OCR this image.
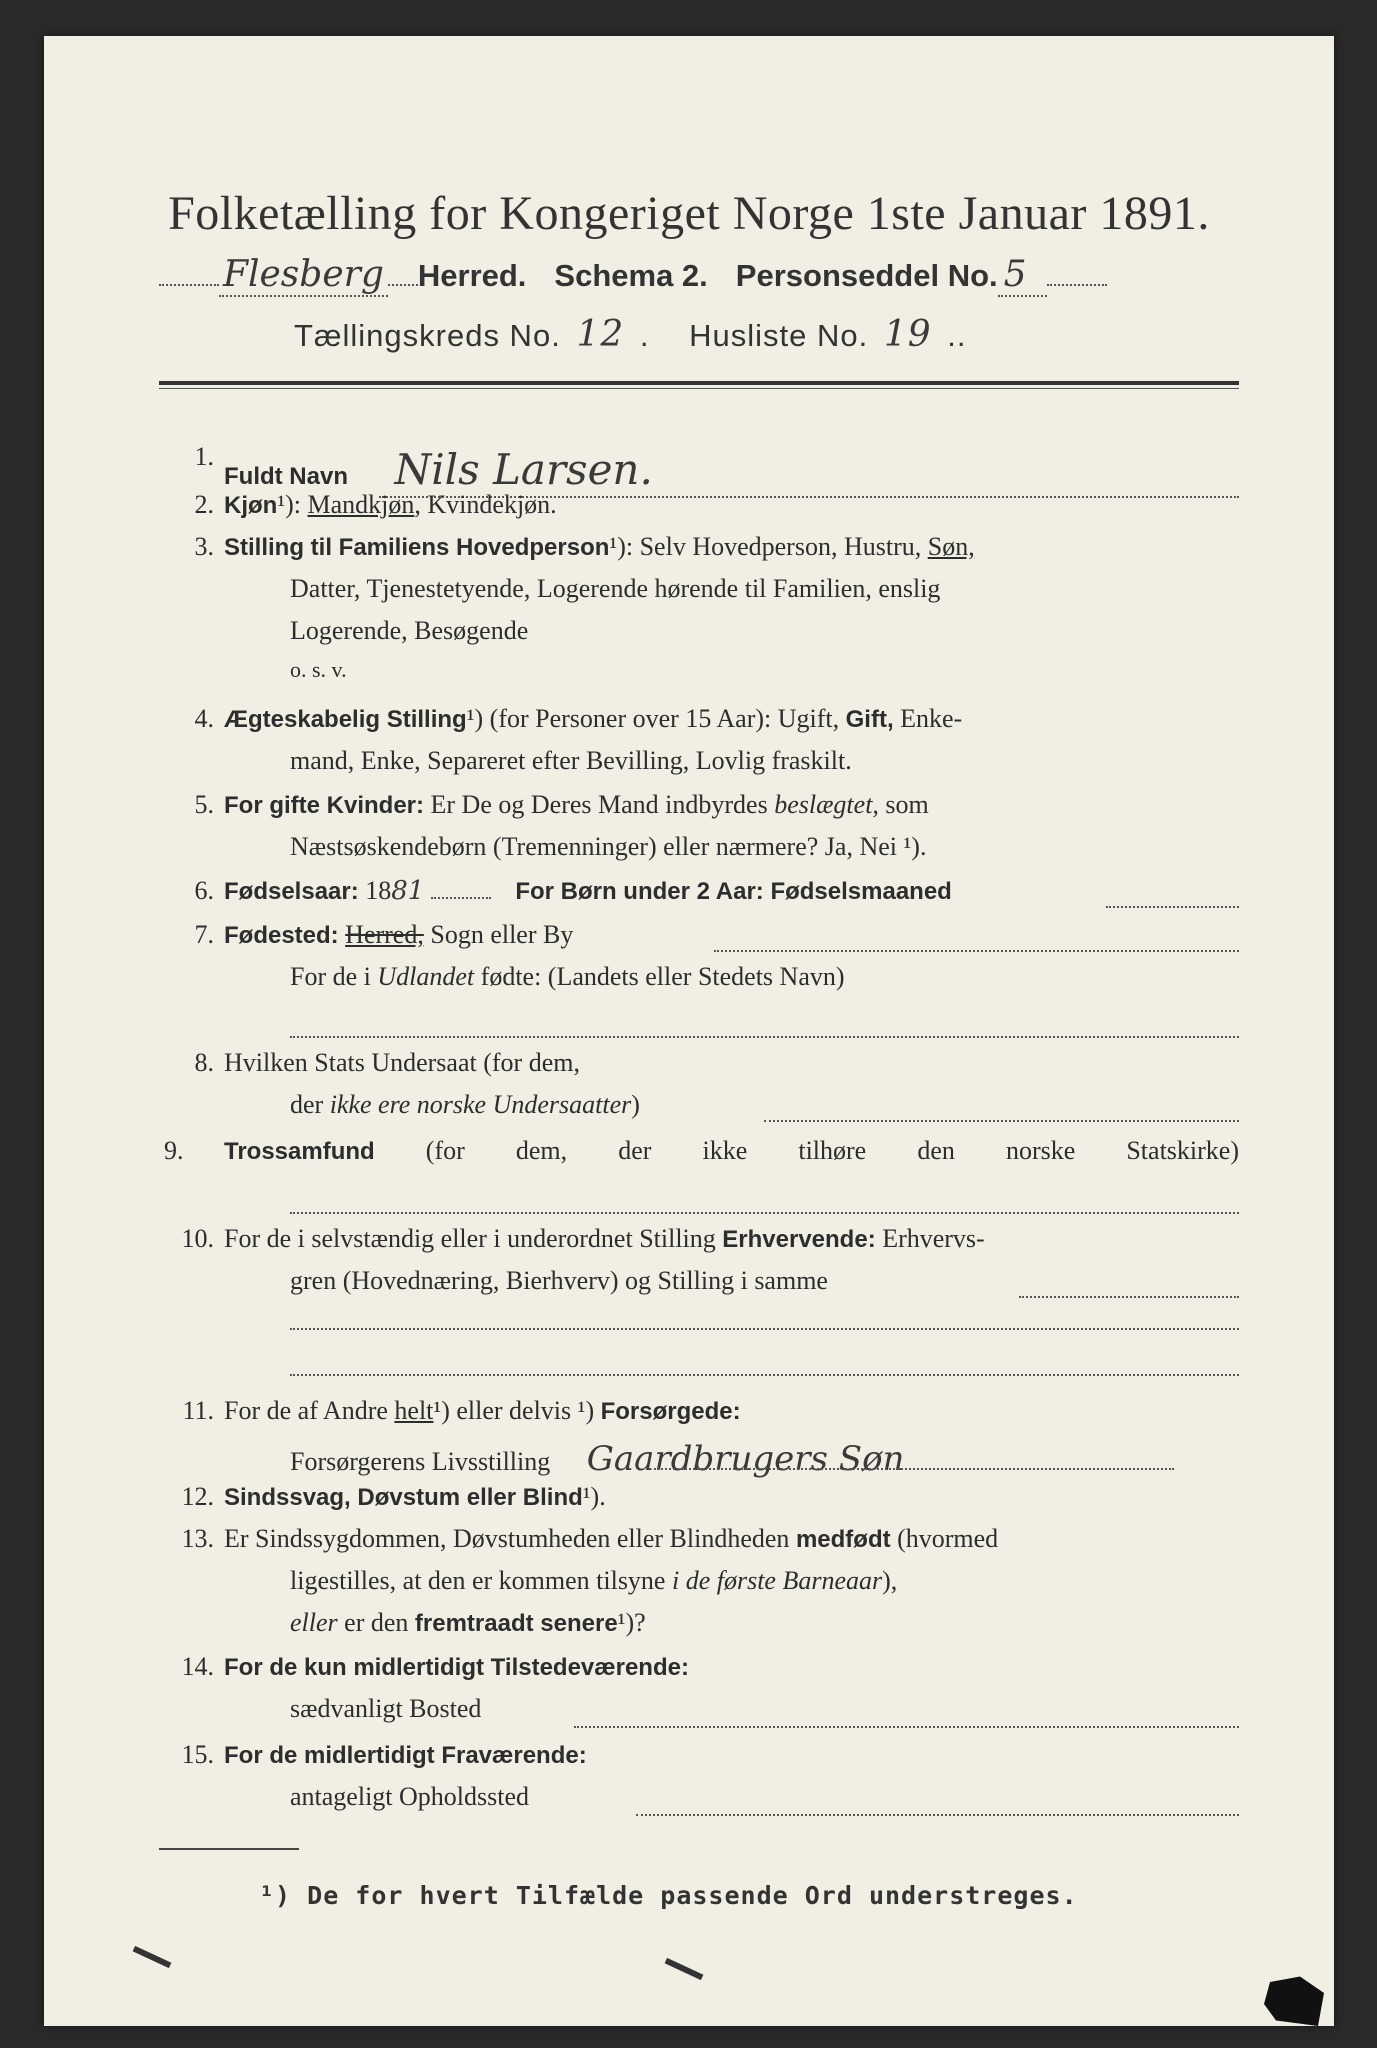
Folketælling for Kongeriget Norge 1ste Januar 1891.
Flesberg Herred. Schema 2. Personseddel No. 5
Tællingskreds No. 12 . Husliste No. 19 ..
1.
Fuldt Navn Nils Larsen.
2. Kjøn¹): Mandkjøn, Kvindekjøn.
3. Stilling til Familiens Hovedperson¹): Selv Hovedperson, Hustru, Søn,
Datter, Tjenestetyende, Logerende hørende til Familien, enslig
Logerende, Besøgende
o. s. v.
4. Ægteskabelig Stilling¹) (for Personer over 15 Aar): Ugift, Gift, Enke-
mand, Enke, Separeret efter Bevilling, Lovlig fraskilt.
5. For gifte Kvinder: Er De og Deres Mand indbyrdes beslægtet, som
Næstsøskendebørn (Tremenninger) eller nærmere? Ja, Nei ¹).
6. Fødselsaar: 1881	For Børn under 2 Aar: Fødselsmaaned
7. Fødested: Herred, Sogn eller By
For de i Udlandet fødte: (Landets eller Stedets Navn)
8. Hvilken Stats Undersaat (for dem,
der ikke ere norske Undersaatter)
9.	Trossamfund (for dem, der ikke tilhøre den norske Statskirke)
10. For de i selvstændig eller i underordnet Stilling Erhvervende: Erhvervs-
gren (Hovednæring, Bierhverv) og Stilling i samme
11. For de af Andre helt¹) eller delvis ¹) Forsørgede:
Forsørgerens Livsstilling Gaardbrugers Søn
12. Sindssvag, Døvstum eller Blind¹).
13. Er Sindssygdommen, Døvstumheden eller Blindheden medfødt (hvormed
ligestilles, at den er kommen tilsyne i de første Barneaar),
eller er den fremtraadt senere¹)?
14. For de kun midlertidigt Tilstedeværende:
sædvanligt Bosted
15. For de midlertidigt Fraværende:
antageligt Opholdssted
¹) De for hvert Tilfælde passende Ord understreges.
